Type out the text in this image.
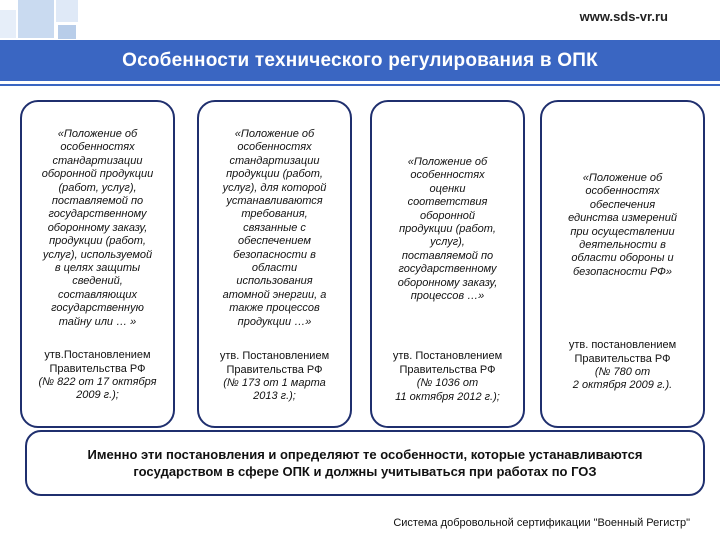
www.sds-vr.ru
Особенности технического регулирования в ОПК
«Положение об
особенностях
стандартизации
оборонной продукции
(работ, услуг),
поставляемой по
государственному
оборонному заказу,
продукции (работ,
услуг), используемой
в целях защиты
сведений,
составляющих
государственную
тайну или … »
утв.Постановлением
Правительства РФ
(№ 822 от 17 октября
2009 г.);
«Положение об
особенностях
стандартизации
продукции (работ,
услуг), для которой
устанавливаются
требования,
связанные с
обеспечением
безопасности в
области
использования
атомной энергии, а
также процессов
продукции …»
утв. Постановлением
Правительства РФ
(№ 173 от 1 марта
2013 г.);
«Положение об
особенностях
оценки
соответствия
оборонной
продукции (работ,
услуг),
поставляемой по
государственному
оборонному заказу,
процессов …»
утв. Постановлением
Правительства РФ
(№ 1036 от
11 октября 2012 г.);
«Положение об
особенностях
обеспечения
единства измерений
при осуществлении
деятельности в
области обороны и
безопасности РФ»
утв. постановлением
Правительства РФ
(№ 780 от
2 октября 2009 г.).
Именно эти постановления и определяют те особенности, которые устанавливаются
государством в сфере ОПК и должны учитываться при работах по ГОЗ
Система добровольной сертификации "Военный Регистр"
